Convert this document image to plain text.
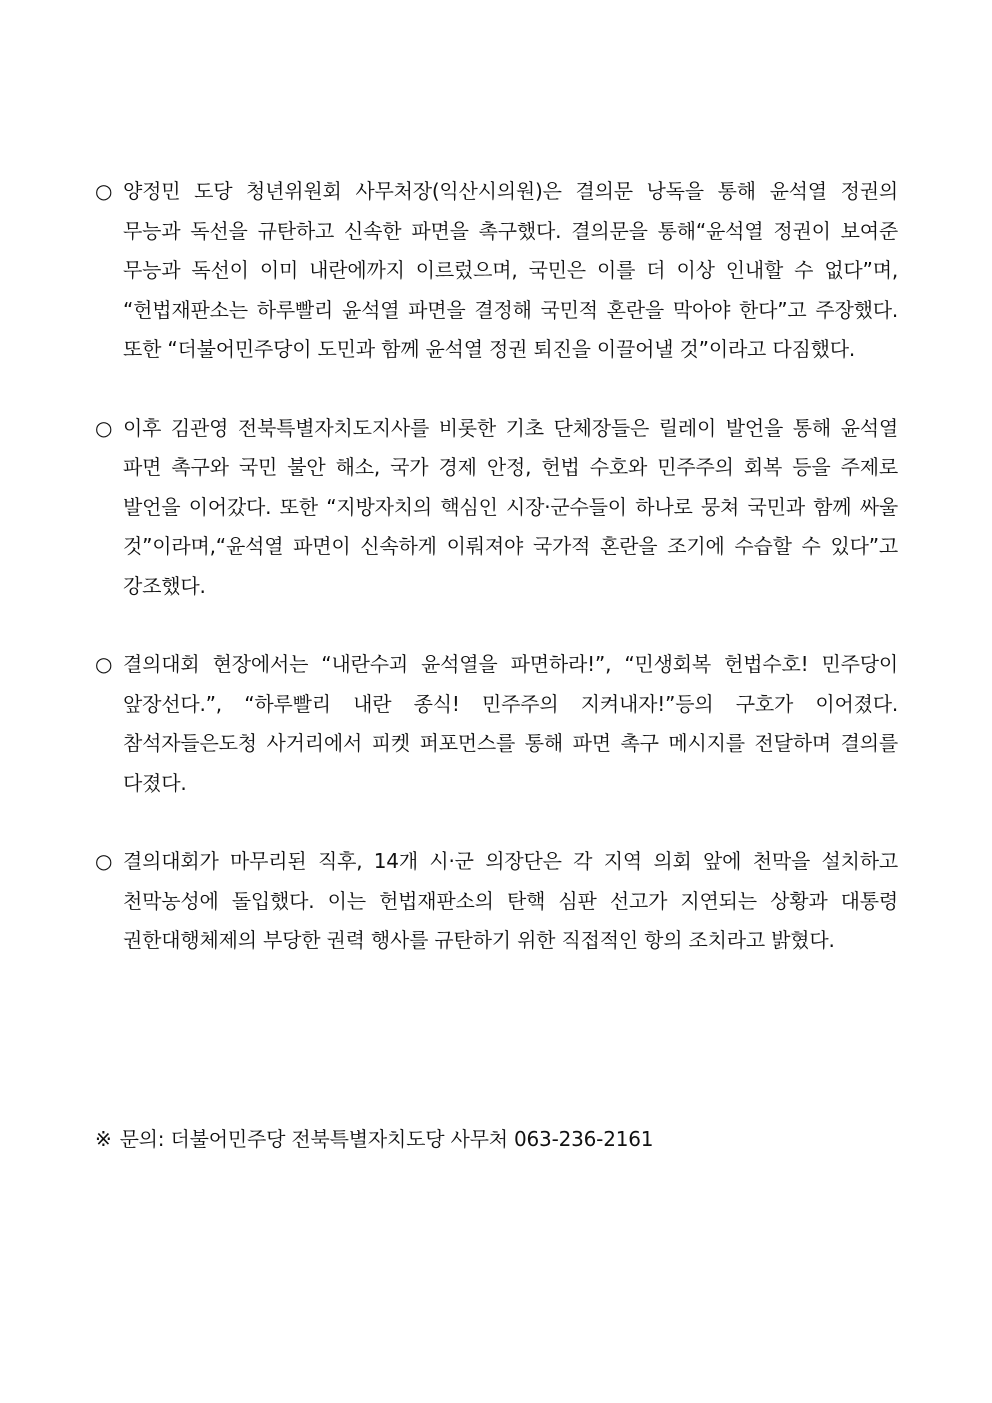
○ 양정민 도당 청년위원회 사무처장(익산시의원)은 결의문 낭독을 통해 윤석열 정권의 무능과 독선을 규탄하고 신속한 파면을 촉구했다. 결의문을 통해“윤석열 정권이 보여준 무능과 독선이 이미 내란에까지 이르렀으며, 국민은 이를 더 이상 인내할 수 없다”며, “헌법재판소는 하루빨리 윤석열 파면을 결정해 국민적 혼란을 막아야 한다”고 주장했다. 또한 “더불어민주당이 도민과 함께 윤석열 정권 퇴진을 이끌어낼 것”이라고 다짐했다.

○ 이후 김관영 전북특별자치도지사를 비롯한 기초 단체장들은 릴레이 발언을 통해 윤석열 파면 촉구와 국민 불안 해소, 국가 경제 안정, 헌법 수호와 민주주의 회복 등을 주제로 발언을 이어갔다. 또한 “지방자치의 핵심인 시장·군수들이 하나로 뭉쳐 국민과 함께 싸울 것”이라며,“윤석열 파면이 신속하게 이뤄져야 국가적 혼란을 조기에 수습할 수 있다”고 강조했다.

○ 결의대회 현장에서는 “내란수괴 윤석열을 파면하라!”, “민생회복 헌법수호! 민주당이 앞장선다.”, “하루빨리 내란 종식! 민주주의 지켜내자!”등의 구호가 이어졌다. 참석자들은도청 사거리에서 피켓 퍼포먼스를 통해 파면 촉구 메시지를 전달하며 결의를 다졌다.

○ 결의대회가 마무리된 직후, 14개 시·군 의장단은 각 지역 의회 앞에 천막을 설치하고 천막농성에 돌입했다. 이는 헌법재판소의 탄핵 심판 선고가 지연되는 상황과 대통령 권한대행체제의 부당한 권력 행사를 규탄하기 위한 직접적인 항의 조치라고 밝혔다.

※ 문의: 더불어민주당 전북특별자치도당 사무처 063-236-2161
